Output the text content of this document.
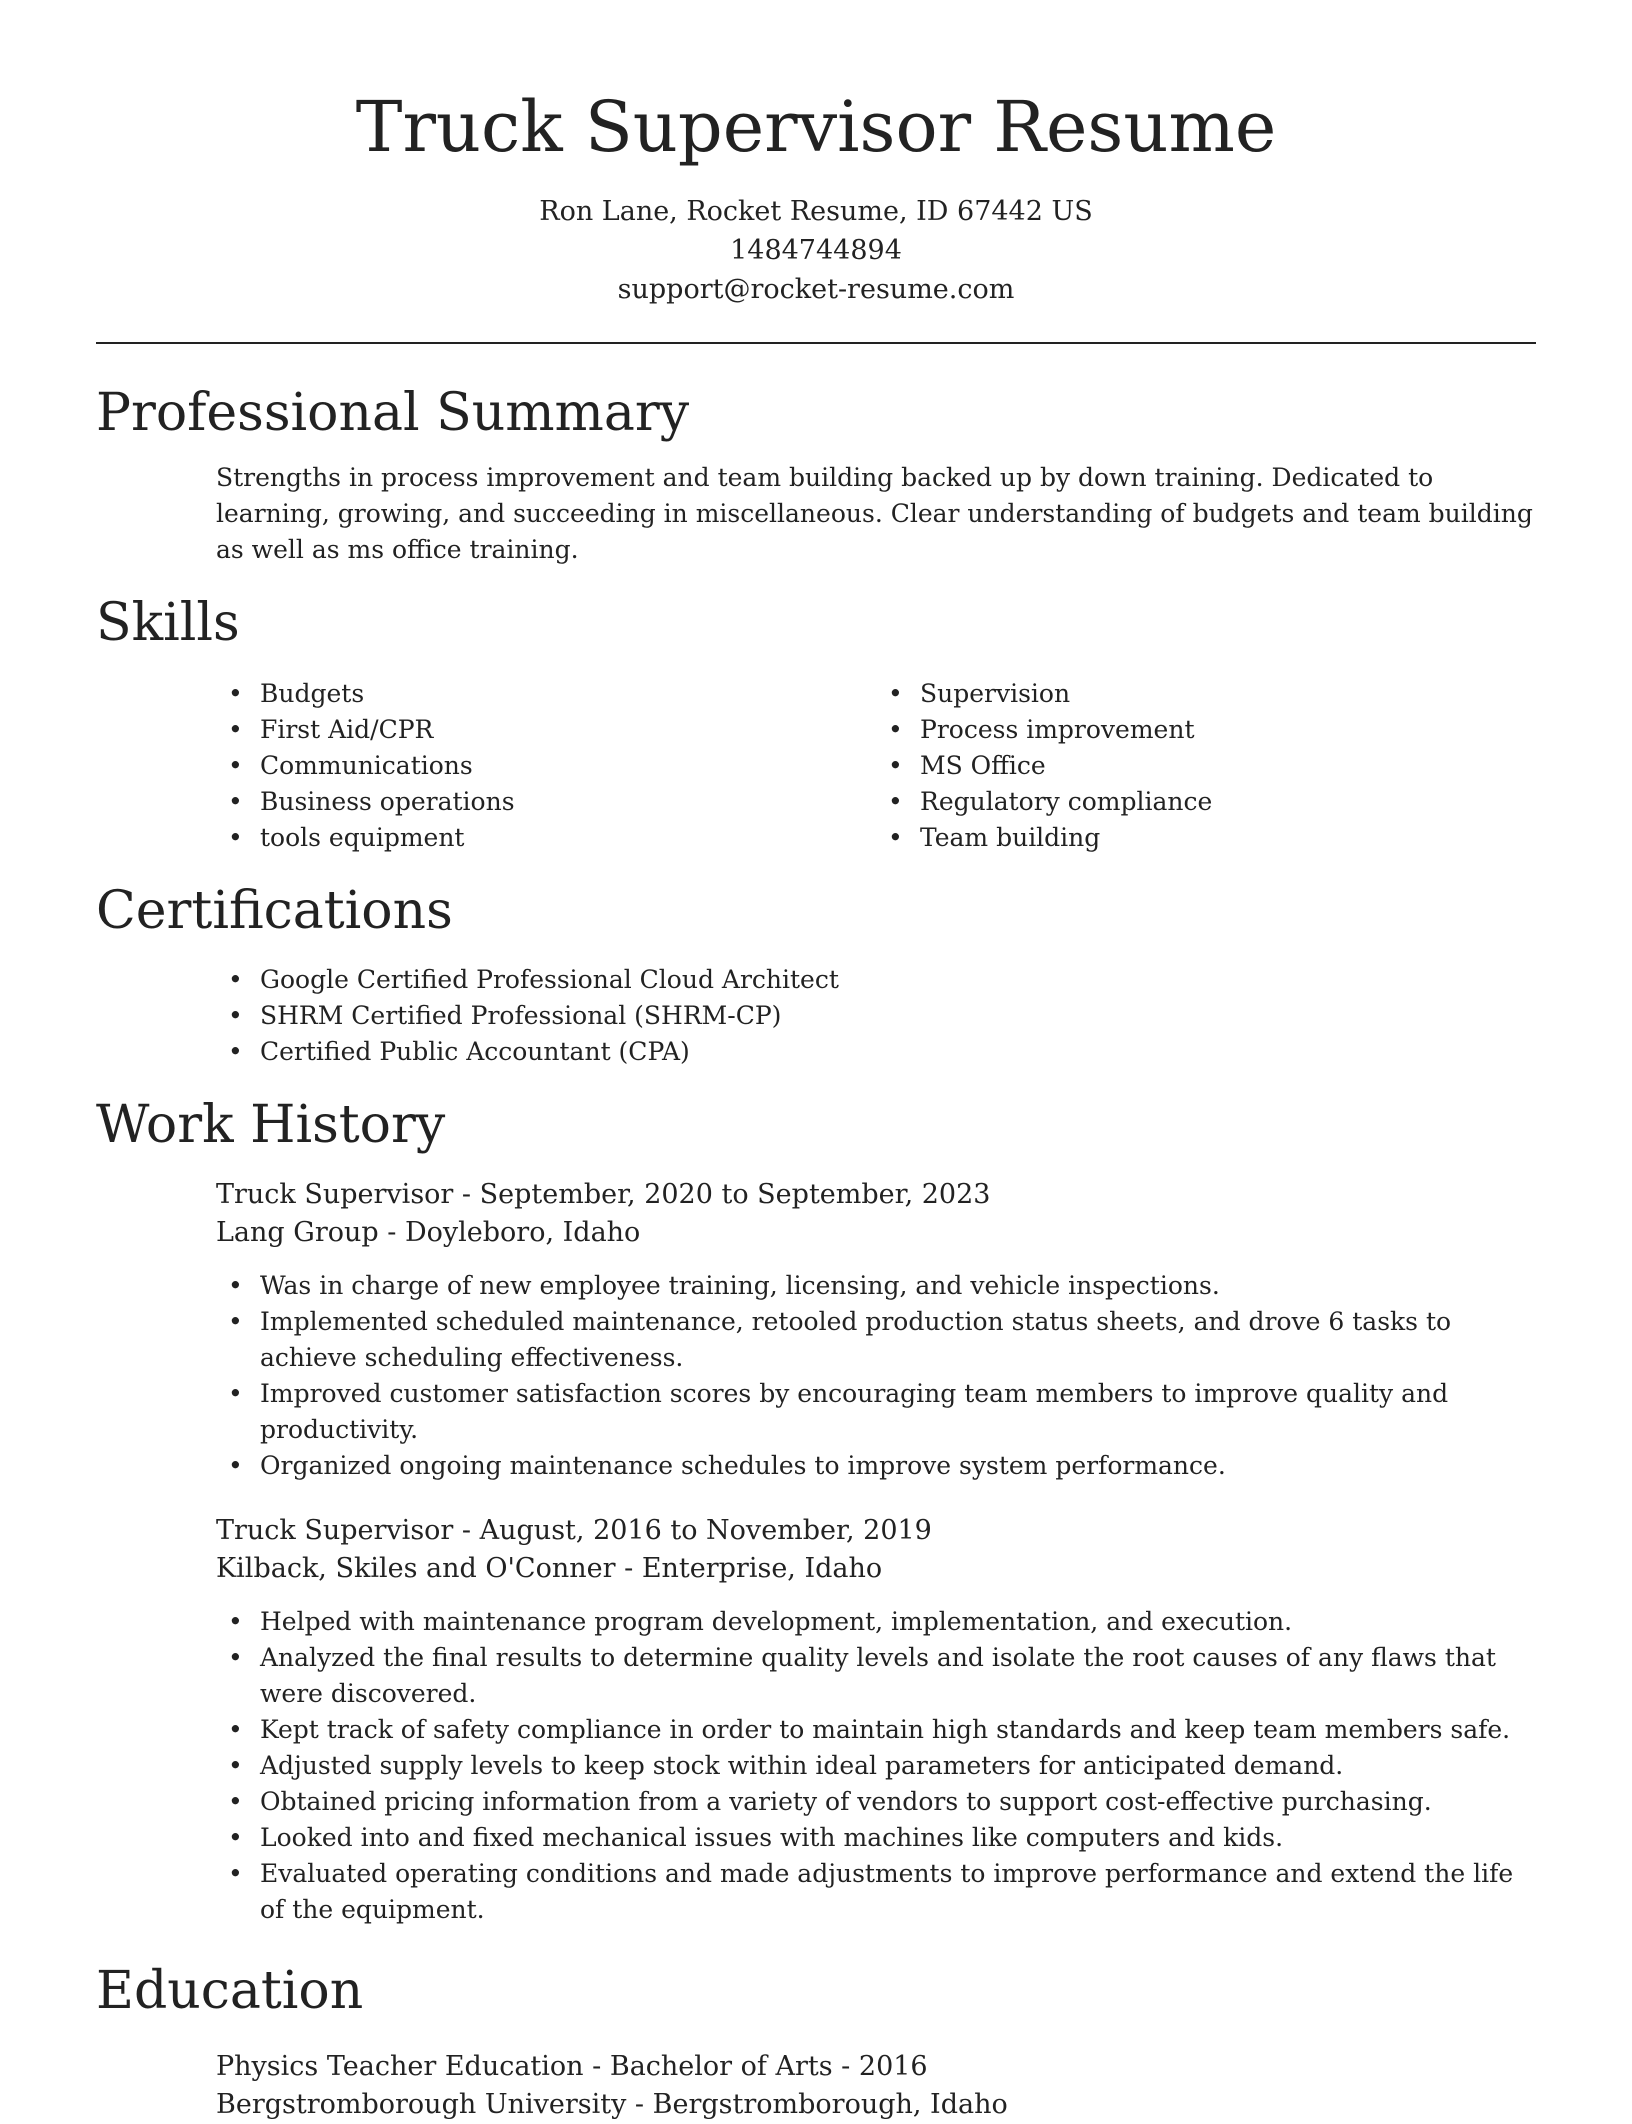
Truck Supervisor Resume
Ron Lane, Rocket Resume, ID 67442 US
1484744894
support@rocket-resume.com
Professional Summary

Strengths in process improvement and team building backed up by down training. Dedicated to learning, growing, and succeeding in miscellaneous. Clear understanding of budgets and team building as well as ms office training.

Skills
• Budgets
• First Aid/CPR
• Communications
• Business operations
• tools equipment
• Supervision
• Process improvement
• MS Office
• Regulatory compliance
• Team building
Certifications
• Google Certified Professional Cloud Architect
• SHRM Certified Professional (SHRM-CP)
• Certified Public Accountant (CPA)
Work History
Truck Supervisor - September, 2020 to September, 2023
Lang Group - Doyleboro, Idaho
• Was in charge of new employee training, licensing, and vehicle inspections.
• Implemented scheduled maintenance, retooled production status sheets, and drove 6 tasks to achieve scheduling effectiveness.
• Improved customer satisfaction scores by encouraging team members to improve quality and productivity.
• Organized ongoing maintenance schedules to improve system performance.
Truck Supervisor - August, 2016 to November, 2019
Kilback, Skiles and O'Conner - Enterprise, Idaho
• Helped with maintenance program development, implementation, and execution.
• Analyzed the final results to determine quality levels and isolate the root causes of any flaws that were discovered.
• Kept track of safety compliance in order to maintain high standards and keep team members safe.
• Adjusted supply levels to keep stock within ideal parameters for anticipated demand.
• Obtained pricing information from a variety of vendors to support cost-effective purchasing.
• Looked into and fixed mechanical issues with machines like computers and kids.
• Evaluated operating conditions and made adjustments to improve performance and extend the life of the equipment.
Education
Physics Teacher Education - Bachelor of Arts - 2016
Bergstromborough University - Bergstromborough, Idaho
